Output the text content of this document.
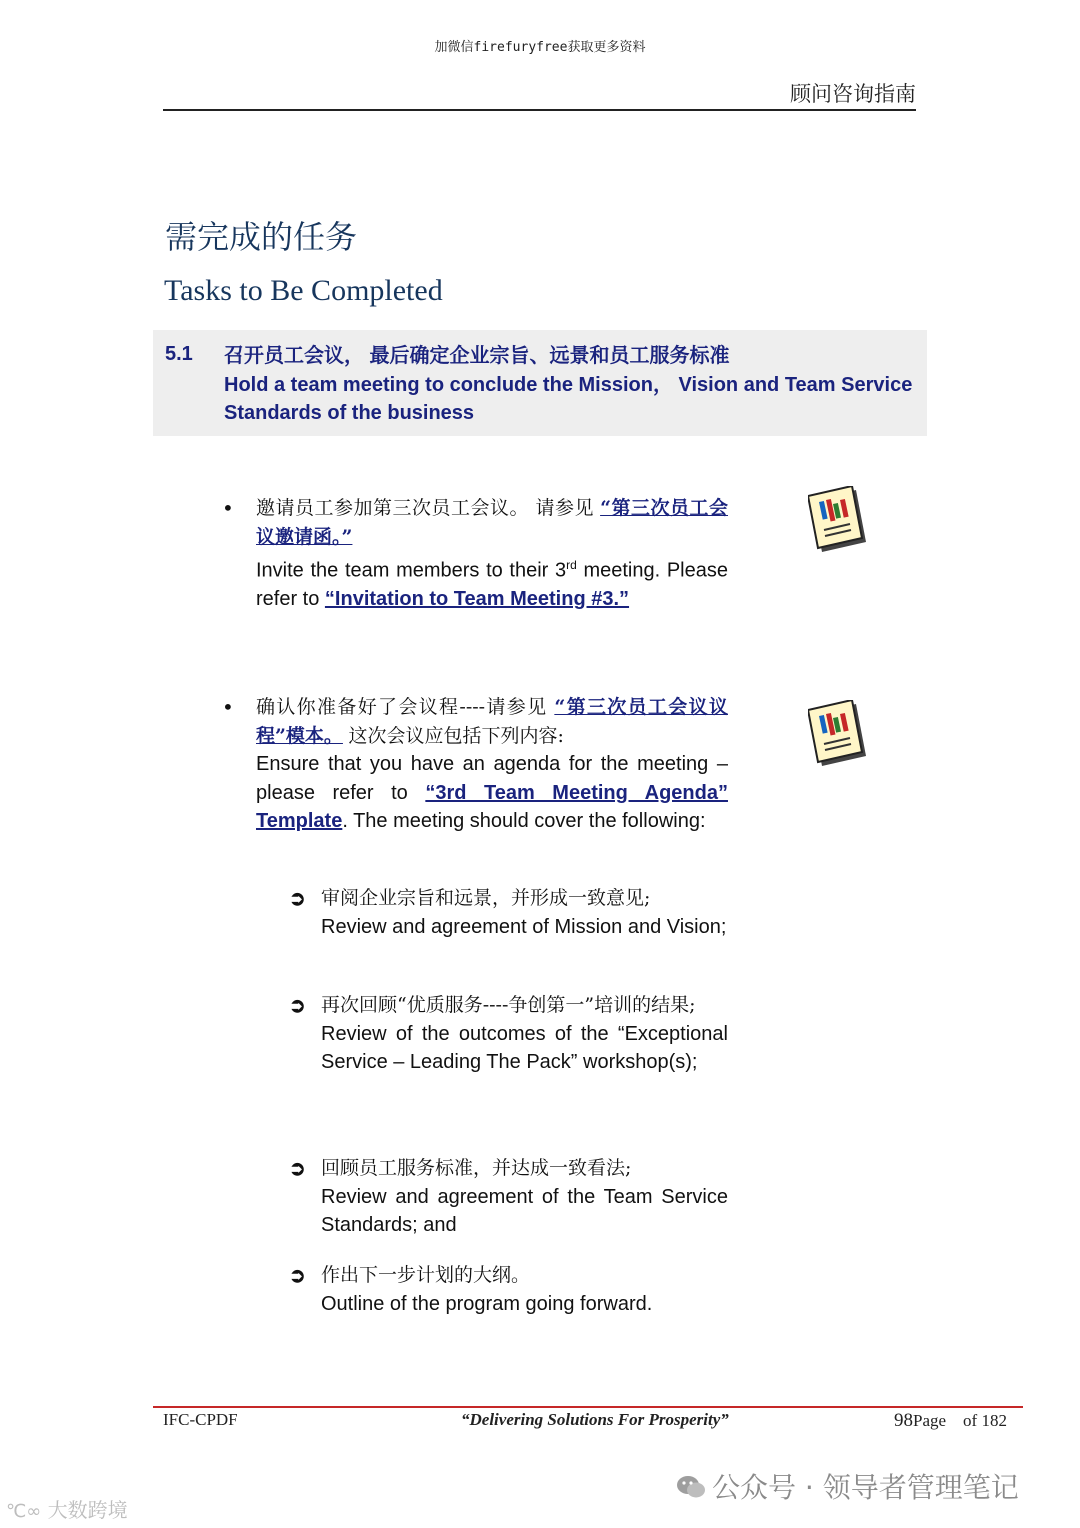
加微信firefuryfree获取更多资料
顾问咨询指南
需完成的任务
Tasks to Be Completed
5.1 召开员工会议， 最后确定企业宗旨、远景和员工服务标准
Hold a team meeting to conclude the Mission， Vision and Team Service Standards of the business
• 邀请员工参加第三次员工会议。 请参见 “第三次员工会议邀请函。”
Invite the team members to their 3rd meeting. Please refer to “Invitation to Team Meeting #3.”
• 确认你准备好了会议程----请参见 “第三次员工会议议程”模本。 这次会议应包括下列内容:
Ensure that you have an agenda for the meeting – please refer to “3rd Team Meeting Agenda” Template. The meeting should cover the following:
➲ 审阅企业宗旨和远景，并形成一致意见;
Review and agreement of Mission and Vision;
➲ 再次回顾“优质服务----争创第一”培训的结果;
Review of the outcomes of the “Exceptional Service – Leading The Pack” workshop(s);
➲ 回顾员工服务标准，并达成一致看法;
Review and agreement of the Team Service Standards; and
➲ 作出下一步计划的大纲。
Outline of the program going forward.
IFC-CPDF	“Delivering Solutions For Prosperity”	98Page of 182
公众号 · 领导者管理笔记
℃∞ 大数跨境
